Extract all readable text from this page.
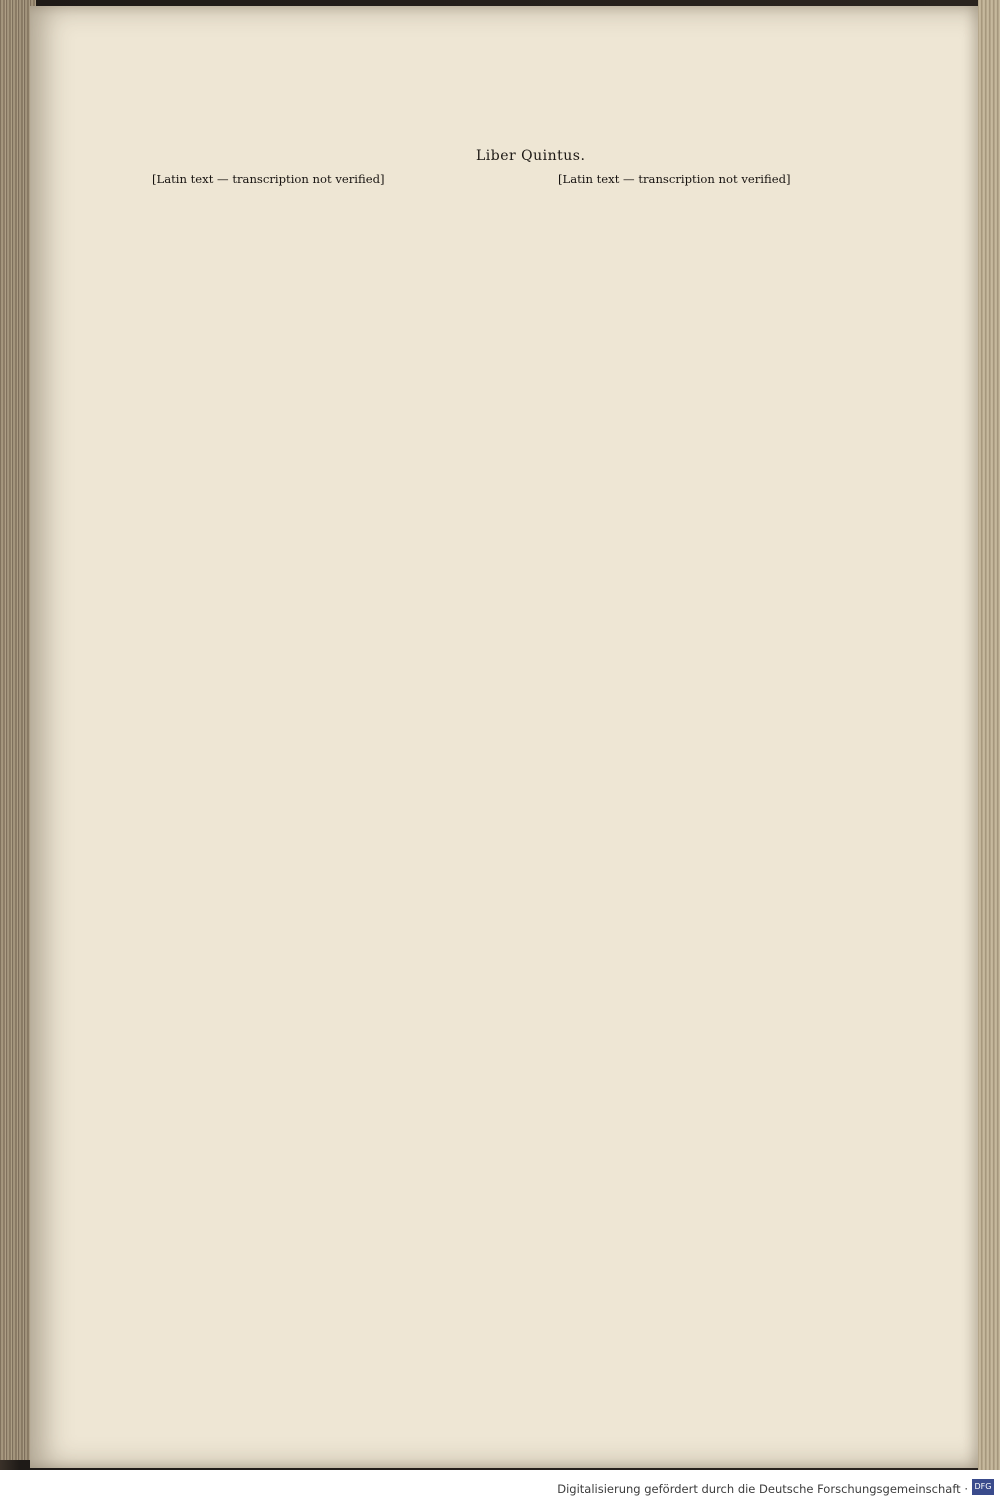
Liber Quintus.

[Latin text — transcription not verified]	[Latin text — transcription not verified]

Digitalisierung gefördert durch die Deutsche Forschungsgemeinschaft · DFG
